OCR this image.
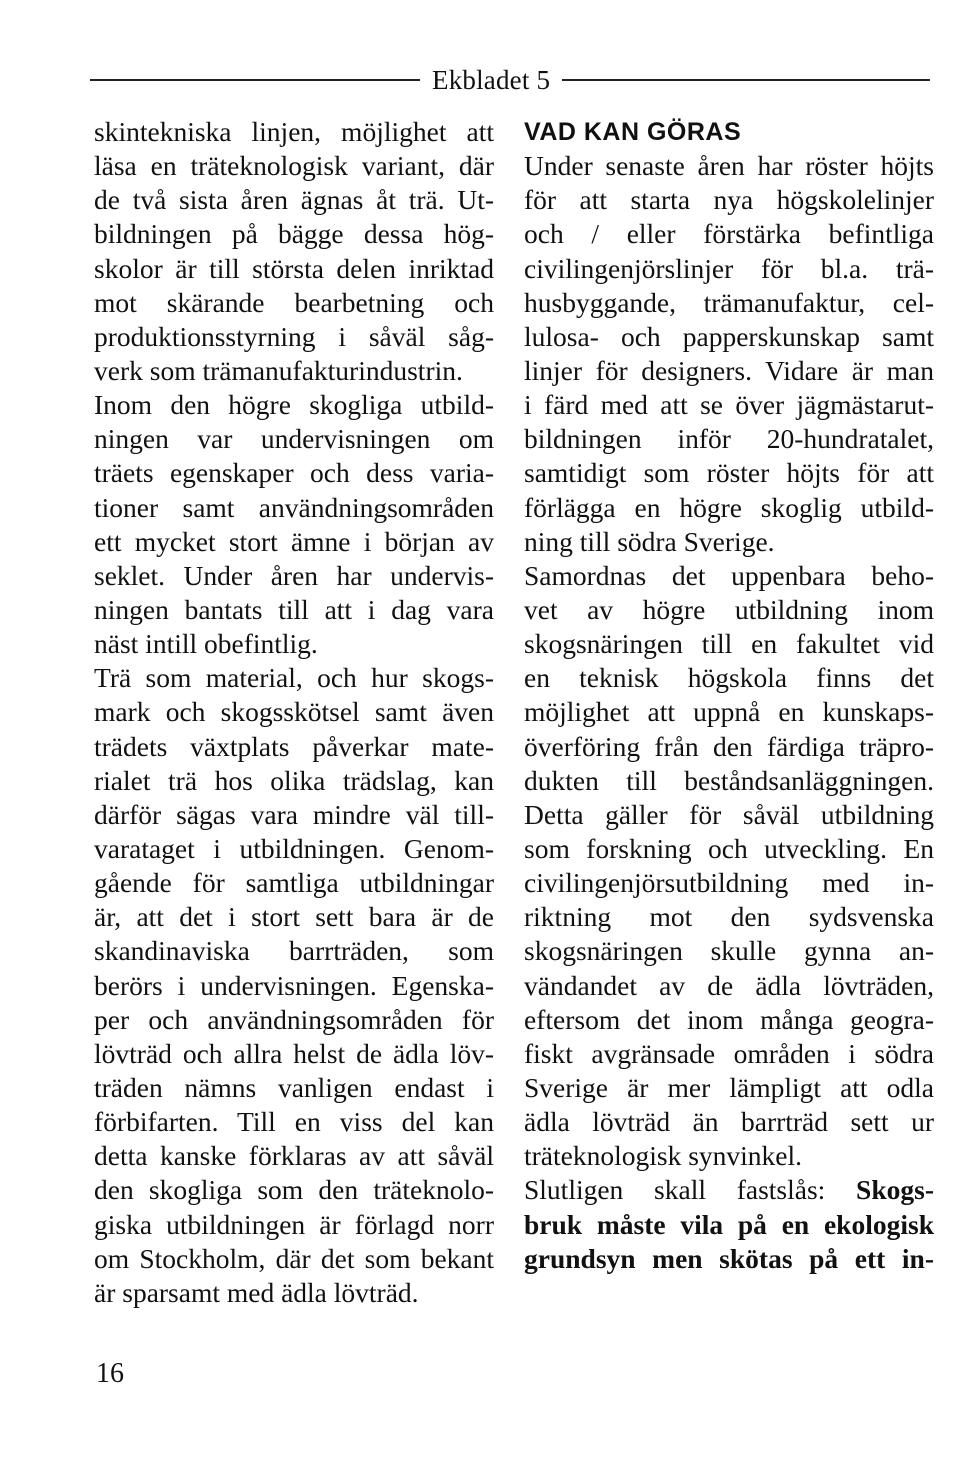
Ekbladet 5
skintekniska linjen, möjlighet att
läsa en träteknologisk variant, där
de två sista åren ägnas åt trä. Ut-
bildningen på bägge dessa hög-
skolor är till största delen inriktad
mot skärande bearbetning och
produktionsstyrning i såväl såg-
verk som trämanufakturindustrin.
Inom den högre skogliga utbild-
ningen var undervisningen om
träets egenskaper och dess varia-
tioner samt användningsområden
ett mycket stort ämne i början av
seklet. Under åren har undervis-
ningen bantats till att i dag vara
näst intill obefintlig.
Trä som material, och hur skogs-
mark och skogsskötsel samt även
trädets växtplats påverkar mate-
rialet trä hos olika trädslag, kan
därför sägas vara mindre väl till-
varataget i utbildningen. Genom-
gående för samtliga utbildningar
är, att det i stort sett bara är de
skandinaviska barrträden, som
berörs i undervisningen. Egenska-
per och användningsområden för
lövträd och allra helst de ädla löv-
träden nämns vanligen endast i
förbifarten. Till en viss del kan
detta kanske förklaras av att såväl
den skogliga som den träteknolo-
giska utbildningen är förlagd norr
om Stockholm, där det som bekant
är sparsamt med ädla lövträd.
VAD KAN GÖRAS
Under senaste åren har röster höjts
för att starta nya högskolelinjer
och / eller förstärka befintliga
civilingenjörslinjer för bl.a. trä-
husbyggande, trämanufaktur, cel-
lulosa- och papperskunskap samt
linjer för designers. Vidare är man
i färd med att se över jägmästarut-
bildningen inför 20-hundratalet,
samtidigt som röster höjts för att
förlägga en högre skoglig utbild-
ning till södra Sverige.
Samordnas det uppenbara beho-
vet av högre utbildning inom
skogsnäringen till en fakultet vid
en teknisk högskola finns det
möjlighet att uppnå en kunskaps-
överföring från den färdiga träpro-
dukten till beståndsanläggningen.
Detta gäller för såväl utbildning
som forskning och utveckling. En
civilingenjörsutbildning med in-
riktning mot den sydsvenska
skogsnäringen skulle gynna an-
vändandet av de ädla lövträden,
eftersom det inom många geogra-
fiskt avgränsade områden i södra
Sverige är mer lämpligt att odla
ädla lövträd än barrträd sett ur
träteknologisk synvinkel.
Slutligen skall fastslås: Skogs-
bruk måste vila på en ekologisk
grundsyn men skötas på ett in-
16
